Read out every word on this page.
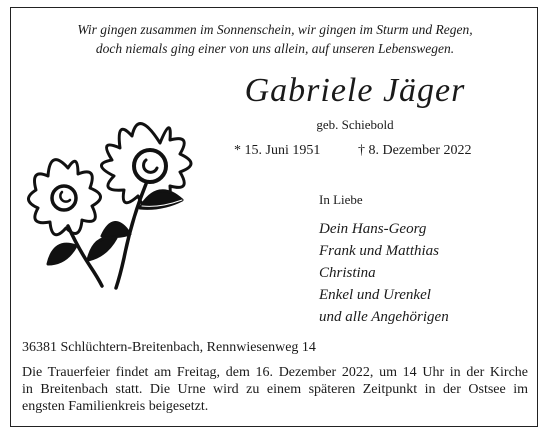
Wir gingen zusammen im Sonnenschein, wir gingen im Sturm und Regen,
doch niemals ging einer von uns allein, auf unseren Lebenswegen.
Gabriele Jäger
geb. Schiebold
* 15. Juni 1951	† 8. Dezember 2022
In Liebe
Dein Hans-Georg
Frank und Matthias
Christina
Enkel und Urenkel
und alle Angehörigen
36381 Schlüchtern-Breitenbach, Rennwiesenweg 14
Die Trauerfeier findet am Freitag, dem 16. Dezember 2022, um 14 Uhr in der Kirche
in Breitenbach statt. Die Urne wird zu einem späteren Zeitpunkt in der Ostsee im
engsten Familienkreis beigesetzt.
